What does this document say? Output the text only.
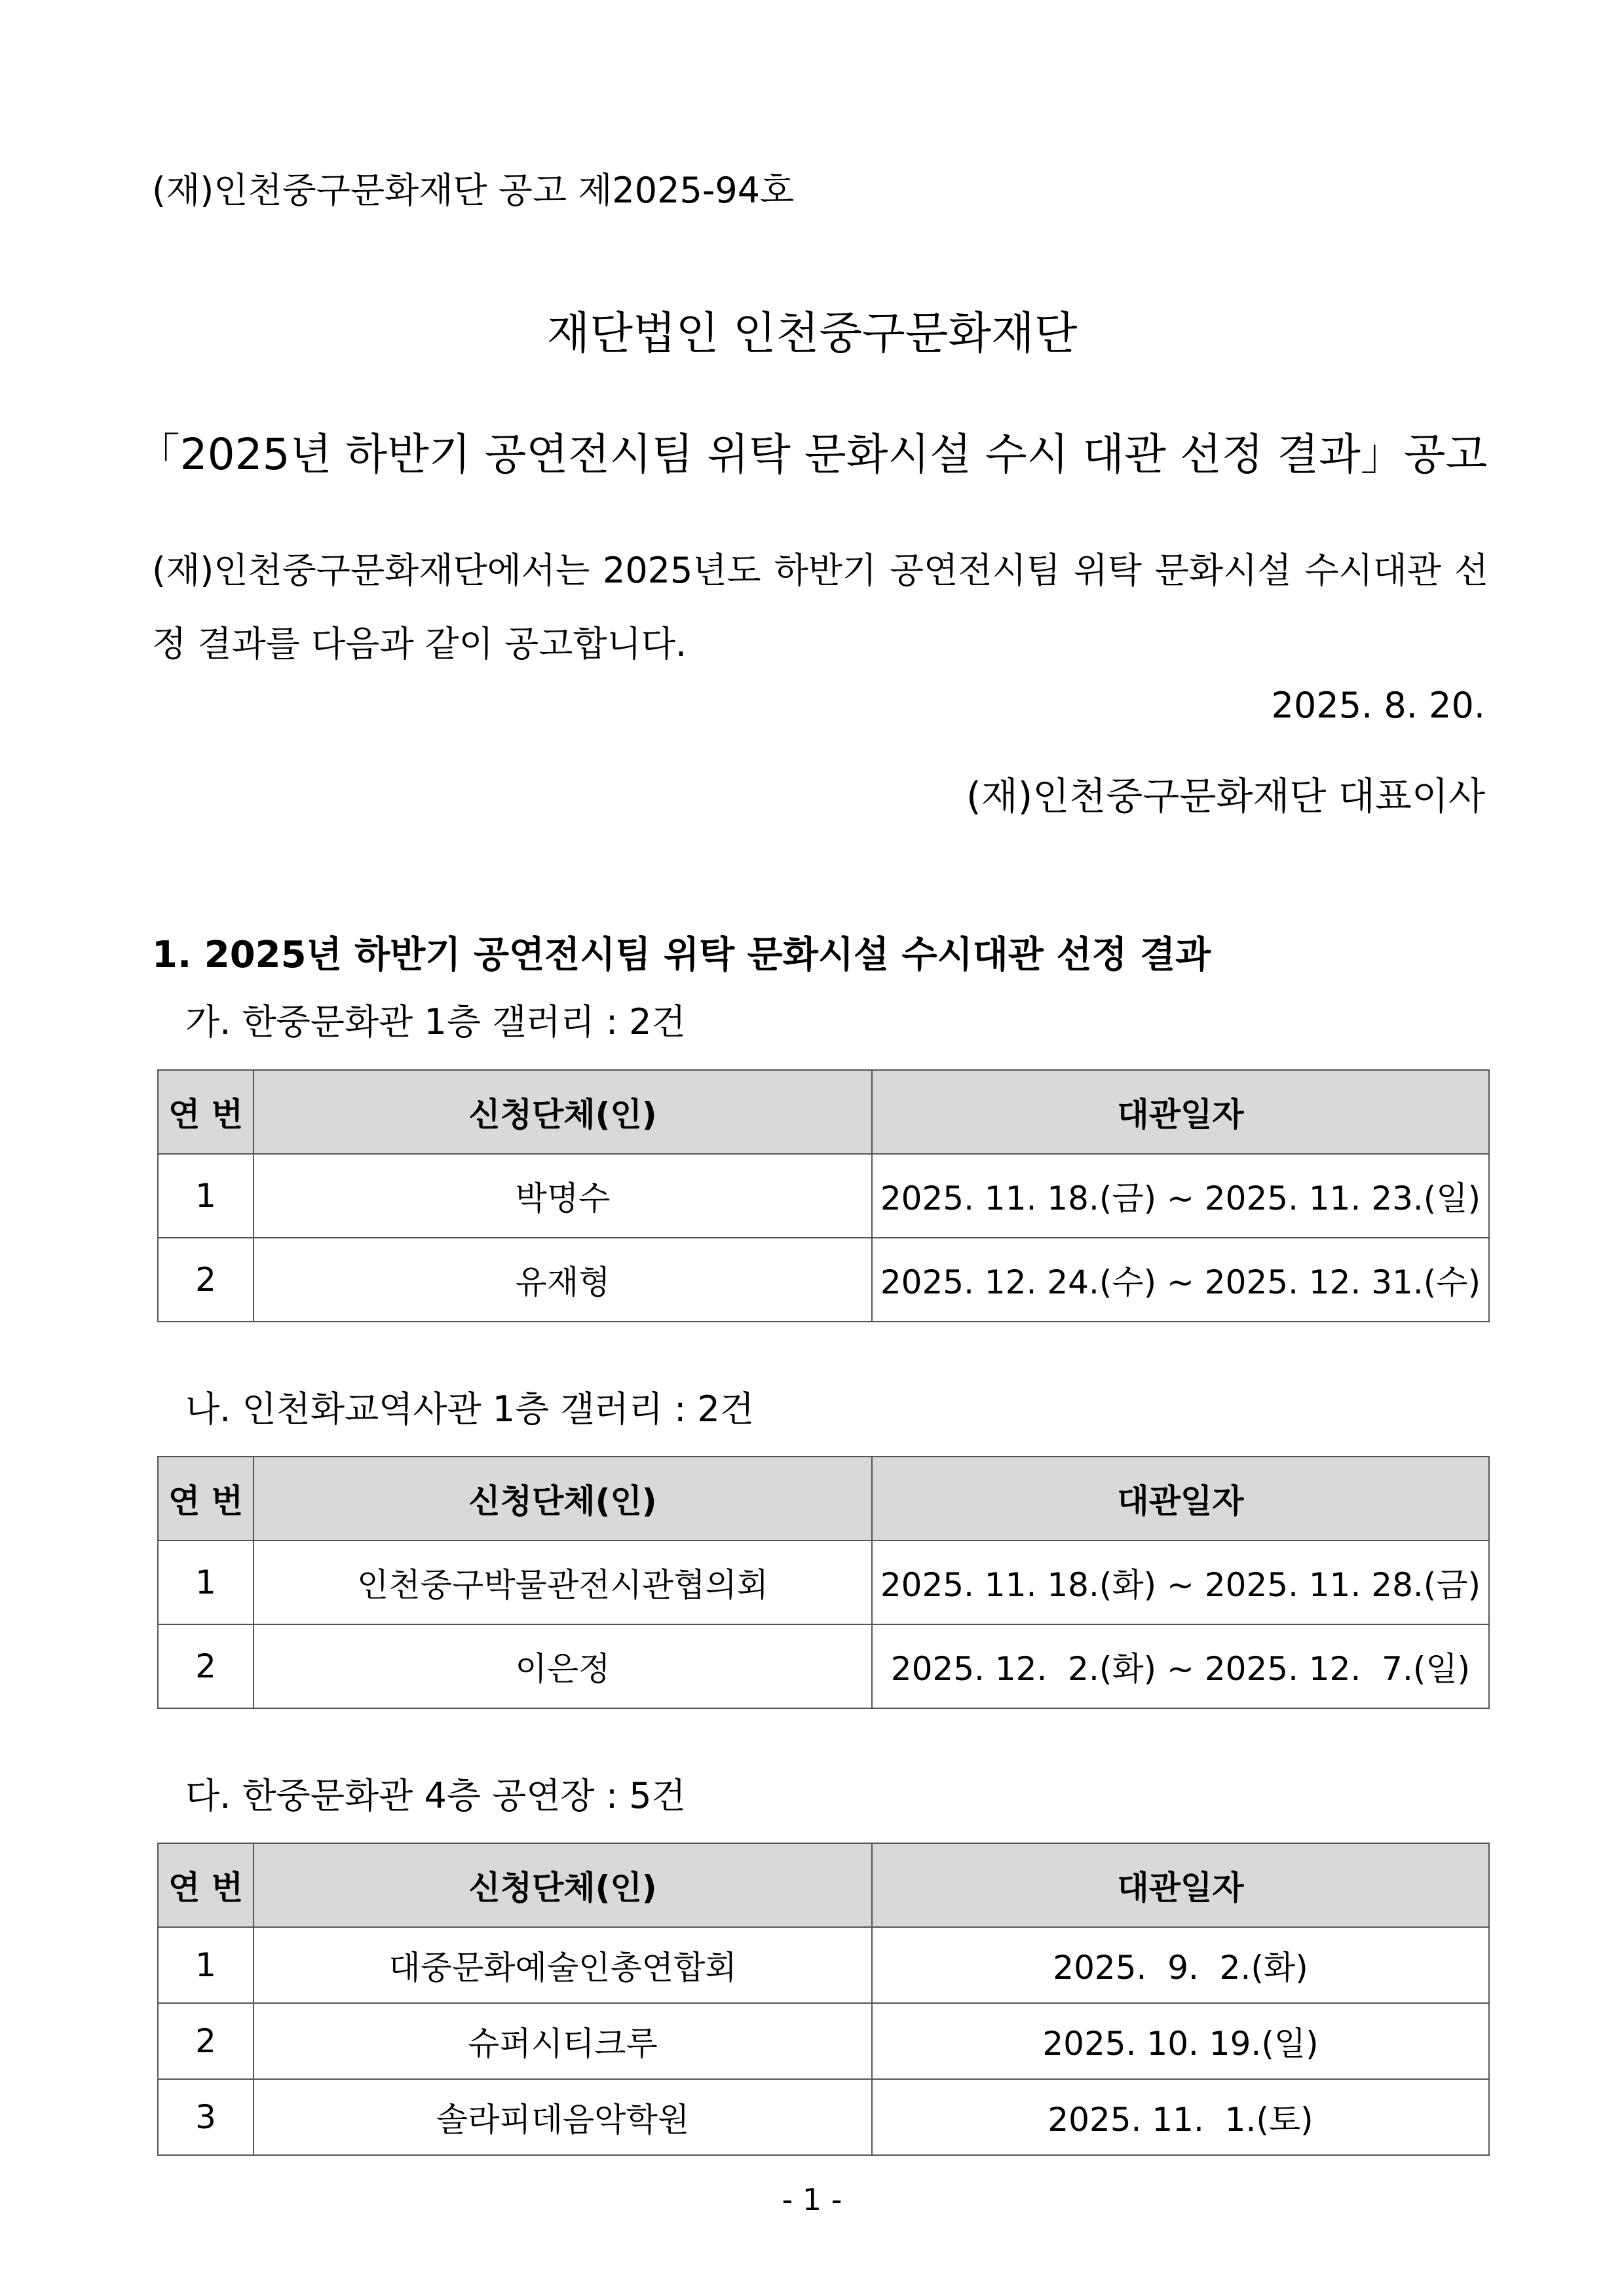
(재)인천중구문화재단 공고 제2025-94호
재단법인 인천중구문화재단
「2025년 하반기 공연전시팀 위탁 문화시설 수시 대관 선정 결과」공고
(재)인천중구문화재단에서는 2025년도 하반기 공연전시팀 위탁 문화시설 수시대관 선정 결과를 다음과 같이 공고합니다.
2025. 8. 20.
(재)인천중구문화재단 대표이사
1. 2025년 하반기 공연전시팀 위탁 문화시설 수시대관 선정 결과
가. 한중문화관 1층 갤러리 : 2건
연 번	신청단체(인)	대관일자
1	박명수	2025. 11. 18.(금) ~ 2025. 11. 23.(일)
2	유재형	2025. 12. 24.(수) ~ 2025. 12. 31.(수)
나. 인천화교역사관 1층 갤러리 : 2건
연 번	신청단체(인)	대관일자
1	인천중구박물관전시관협의회	2025. 11. 18.(화) ~ 2025. 11. 28.(금)
2	이은정	2025. 12.  2.(화) ~ 2025. 12.  7.(일)
다. 한중문화관 4층 공연장 : 5건
연 번	신청단체(인)	대관일자
1	대중문화예술인총연합회	2025.  9.  2.(화)
2	슈퍼시티크루	2025. 10. 19.(일)
3	솔라피데음악학원	2025. 11.  1.(토)
- 1 -
